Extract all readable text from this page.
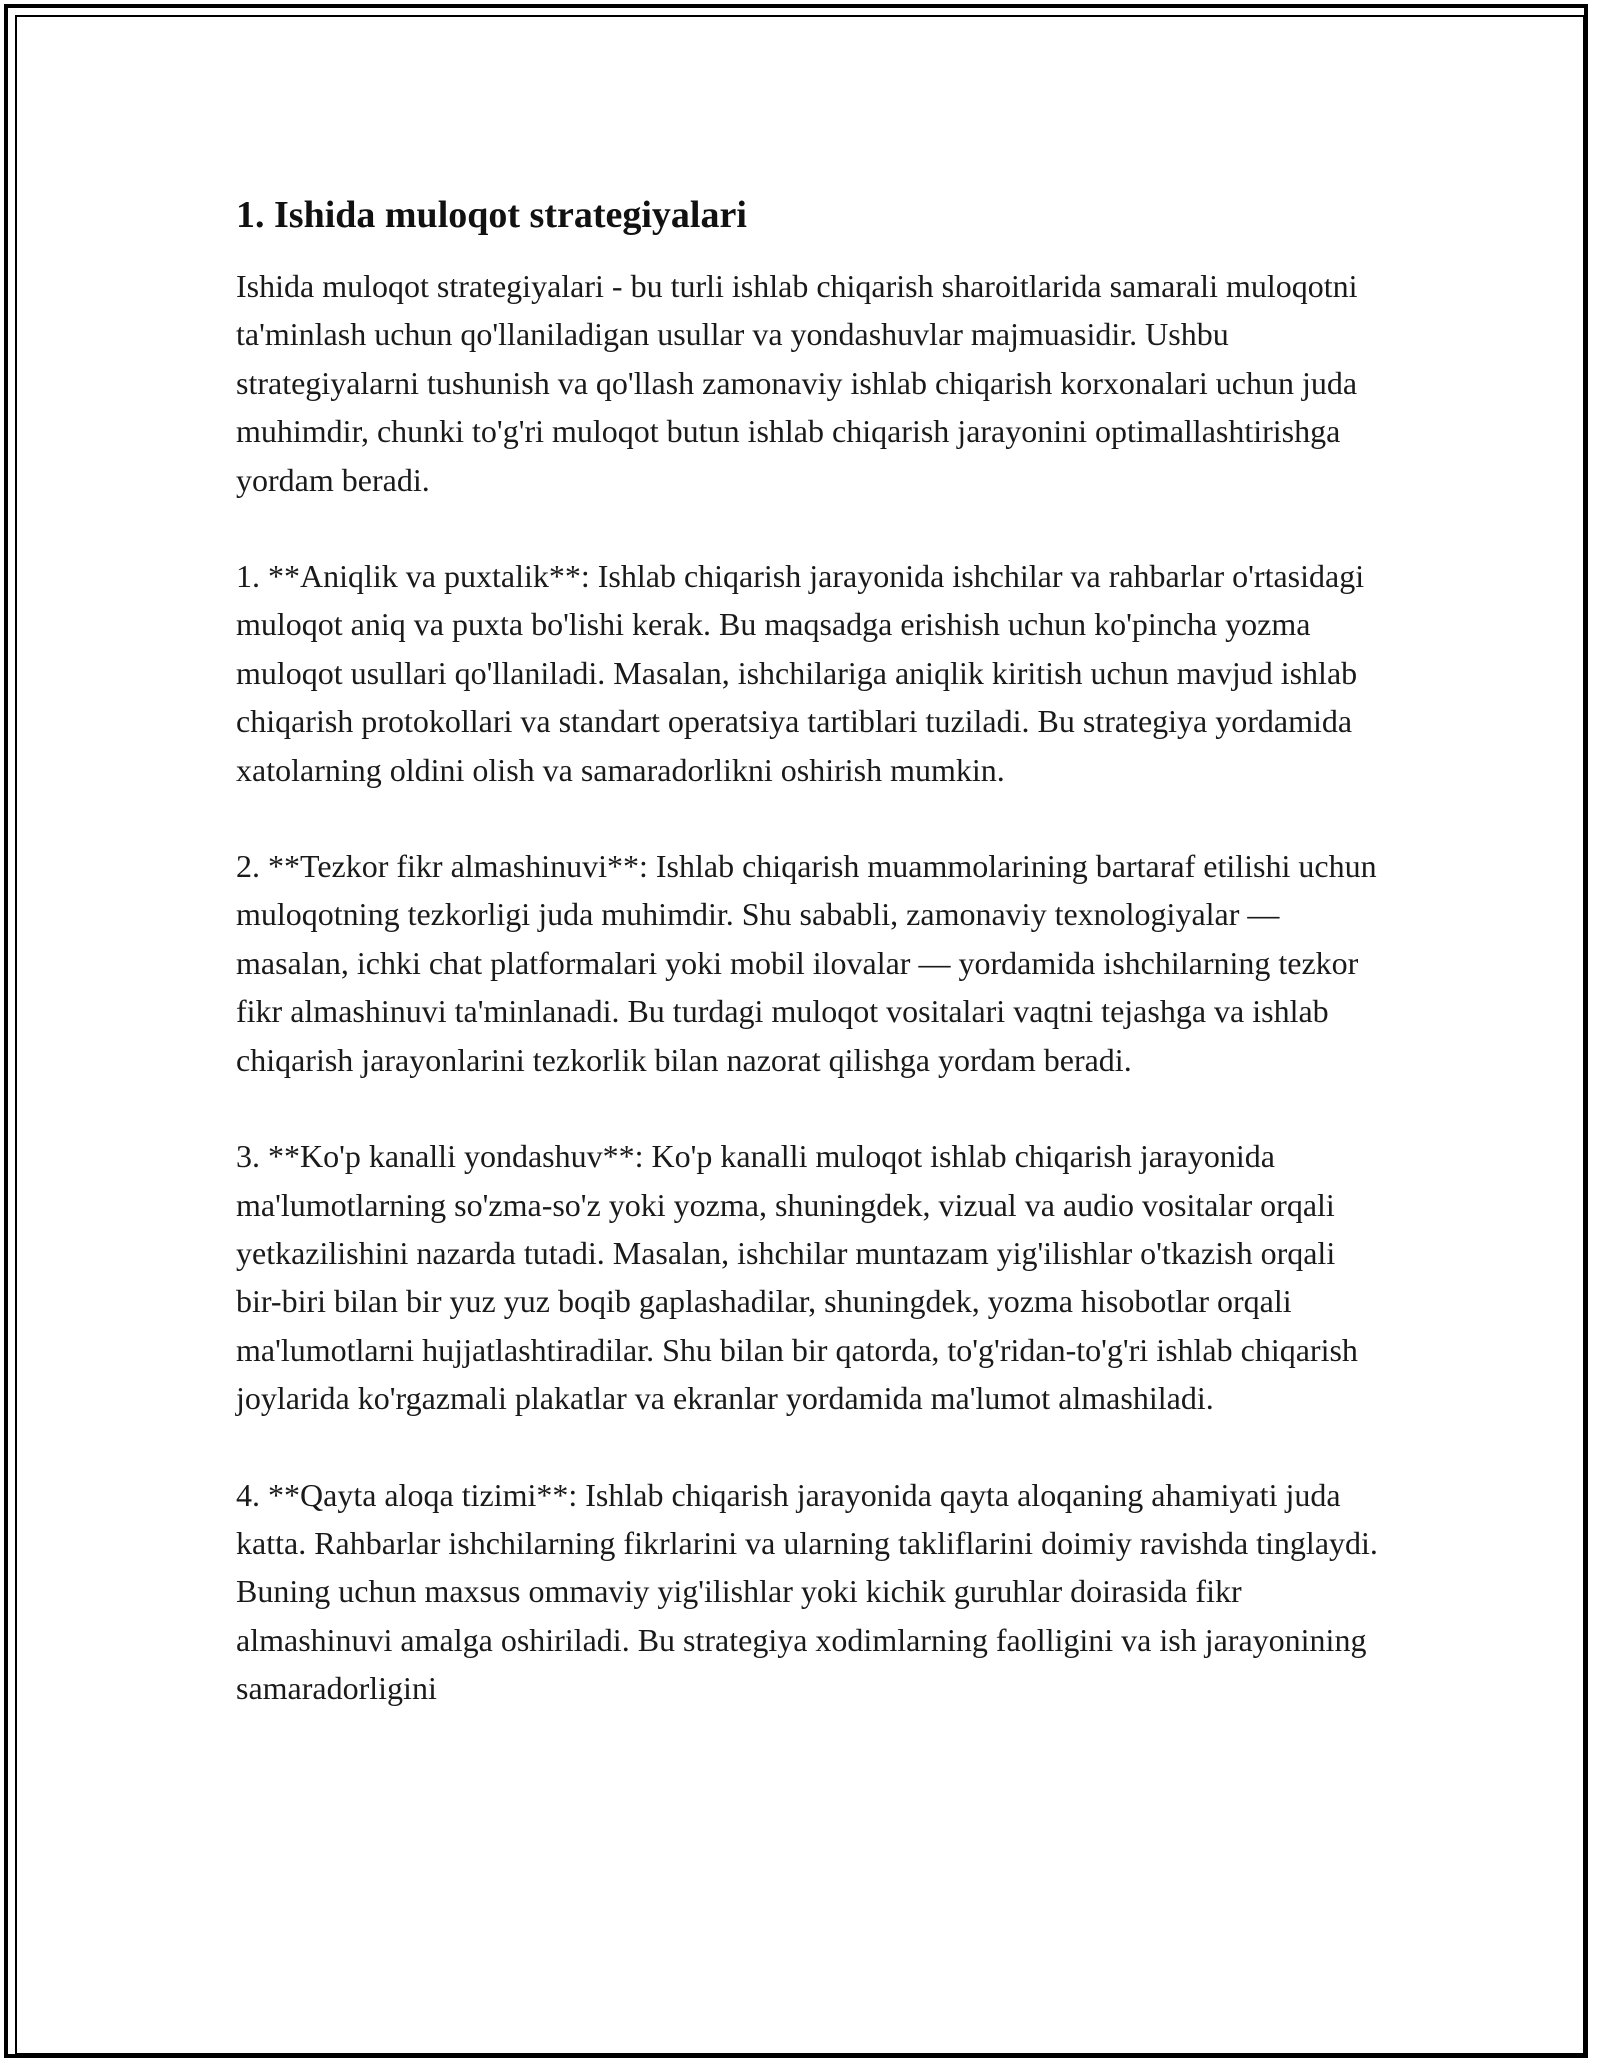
1. Ishida muloqot strategiyalari

Ishida muloqot strategiyalari - bu turli ishlab chiqarish sharoitlarida samarali muloqotni ta'minlash uchun qo'llaniladigan usullar va yondashuvlar majmuasidir. Ushbu strategiyalarni tushunish va qo'llash zamonaviy ishlab chiqarish korxonalari uchun juda muhimdir, chunki to'g'ri muloqot butun ishlab chiqarish jarayonini optimallashtirishga yordam beradi.

1. **Aniqlik va puxtalik**: Ishlab chiqarish jarayonida ishchilar va rahbarlar o'rtasidagi muloqot aniq va puxta bo'lishi kerak. Bu maqsadga erishish uchun ko'pincha yozma muloqot usullari qo'llaniladi. Masalan, ishchilariga aniqlik kiritish uchun mavjud ishlab chiqarish protokollari va standart operatsiya tartiblari tuziladi. Bu strategiya yordamida xatolarning oldini olish va samaradorlikni oshirish mumkin.

2. **Tezkor fikr almashinuvi**: Ishlab chiqarish muammolarining bartaraf etilishi uchun muloqotning tezkorligi juda muhimdir. Shu sababli, zamonaviy texnologiyalar — masalan, ichki chat platformalari yoki mobil ilovalar — yordamida ishchilarning tezkor fikr almashinuvi ta'minlanadi. Bu turdagi muloqot vositalari vaqtni tejashga va ishlab chiqarish jarayonlarini tezkorlik bilan nazorat qilishga yordam beradi.

3. **Ko'p kanalli yondashuv**: Ko'p kanalli muloqot ishlab chiqarish jarayonida ma'lumotlarning so'zma-so'z yoki yozma, shuningdek, vizual va audio vositalar orqali yetkazilishini nazarda tutadi. Masalan, ishchilar muntazam yig'ilishlar o'tkazish orqali bir-biri bilan bir yuz yuz boqib gaplashadilar, shuningdek, yozma hisobotlar orqali ma'lumotlarni hujjatlashtiradilar. Shu bilan bir qatorda, to'g'ridan-to'g'ri ishlab chiqarish joylarida ko'rgazmali plakatlar va ekranlar yordamida ma'lumot almashiladi.

4. **Qayta aloqa tizimi**: Ishlab chiqarish jarayonida qayta aloqaning ahamiyati juda katta. Rahbarlar ishchilarning fikrlarini va ularning takliflarini doimiy ravishda tinglaydi. Buning uchun maxsus ommaviy yig'ilishlar yoki kichik guruhlar doirasida fikr almashinuvi amalga oshiriladi. Bu strategiya xodimlarning faolligini va ish jarayonining samaradorligini
